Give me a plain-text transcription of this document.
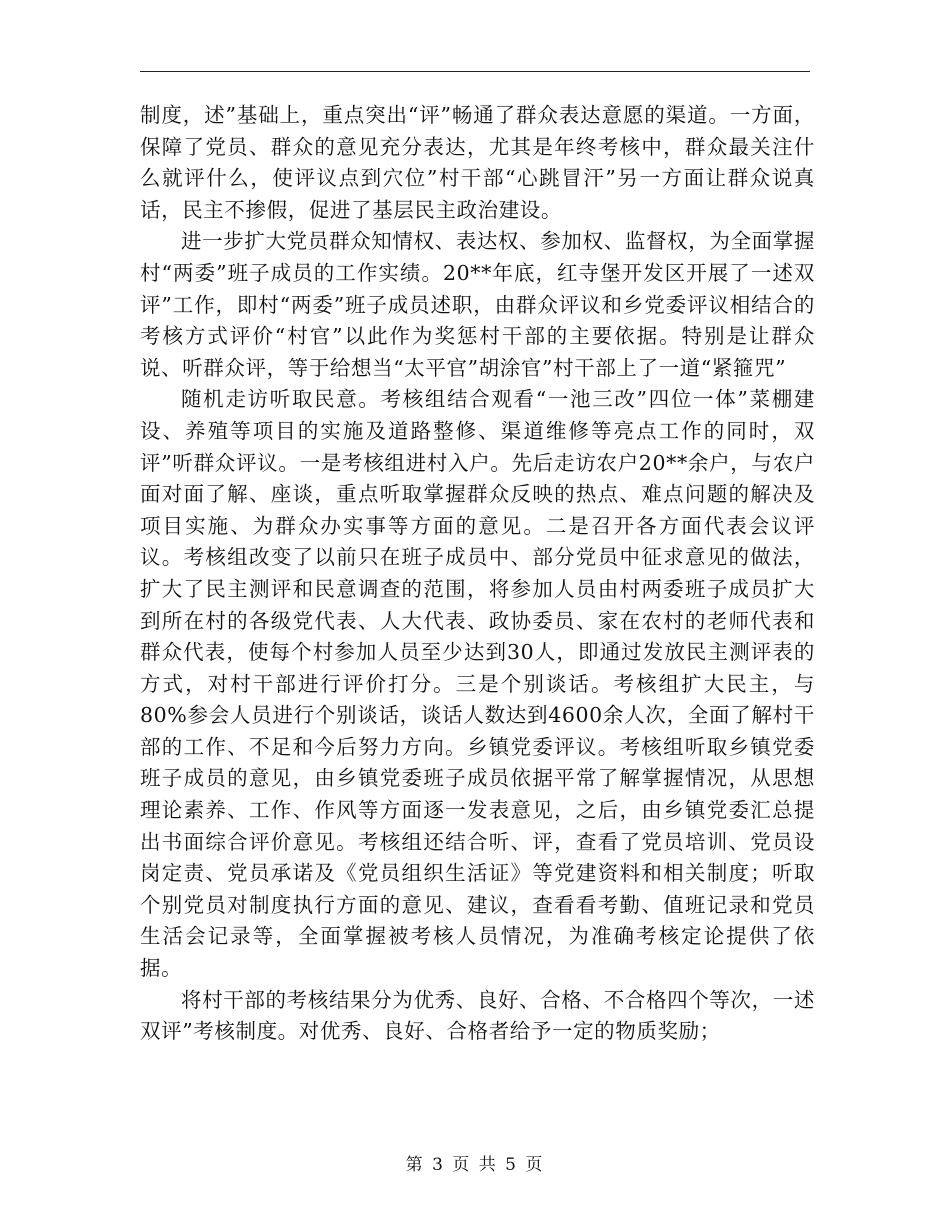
制度，述”基础上，重点突出“评”畅通了群众表达意愿的渠道。一方面，保障了党员、群众的意见充分表达，尤其是年终考核中，群众最关注什么就评什么，使评议点到穴位”村干部“心跳冒汗”另一方面让群众说真话，民主不掺假，促进了基层民主政治建设。

进一步扩大党员群众知情权、表达权、参加权、监督权，为全面掌握村“两委”班子成员的工作实绩。20**年底，红寺堡开发区开展了一述双评”工作，即村“两委”班子成员述职，由群众评议和乡党委评议相结合的考核方式评价“村官”以此作为奖惩村干部的主要依据。特别是让群众说、听群众评，等于给想当“太平官”胡涂官”村干部上了一道“紧箍咒”

随机走访听取民意。考核组结合观看“一池三改”四位一体”菜棚建设、养殖等项目的实施及道路整修、渠道维修等亮点工作的同时，双评”听群众评议。一是考核组进村入户。先后走访农户20**余户，与农户面对面了解、座谈，重点听取掌握群众反映的热点、难点问题的解决及项目实施、为群众办实事等方面的意见。二是召开各方面代表会议评议。考核组改变了以前只在班子成员中、部分党员中征求意见的做法，扩大了民主测评和民意调查的范围，将参加人员由村两委班子成员扩大到所在村的各级党代表、人大代表、政协委员、家在农村的老师代表和群众代表，使每个村参加人员至少达到30人，即通过发放民主测评表的方式，对村干部进行评价打分。三是个别谈话。考核组扩大民主，与80%参会人员进行个别谈话，谈话人数达到4600余人次，全面了解村干部的工作、不足和今后努力方向。乡镇党委评议。考核组听取乡镇党委班子成员的意见，由乡镇党委班子成员依据平常了解掌握情况，从思想理论素养、工作、作风等方面逐一发表意见，之后，由乡镇党委汇总提出书面综合评价意见。考核组还结合听、评，查看了党员培训、党员设岗定责、党员承诺及《党员组织生活证》等党建资料和相关制度；听取个别党员对制度执行方面的意见、建议，查看看考勤、值班记录和党员生活会记录等，全面掌握被考核人员情况，为准确考核定论提供了依据。

将村干部的考核结果分为优秀、良好、合格、不合格四个等次，一述双评”考核制度。对优秀、良好、合格者给予一定的物质奖励；

第 3 页 共 5 页
